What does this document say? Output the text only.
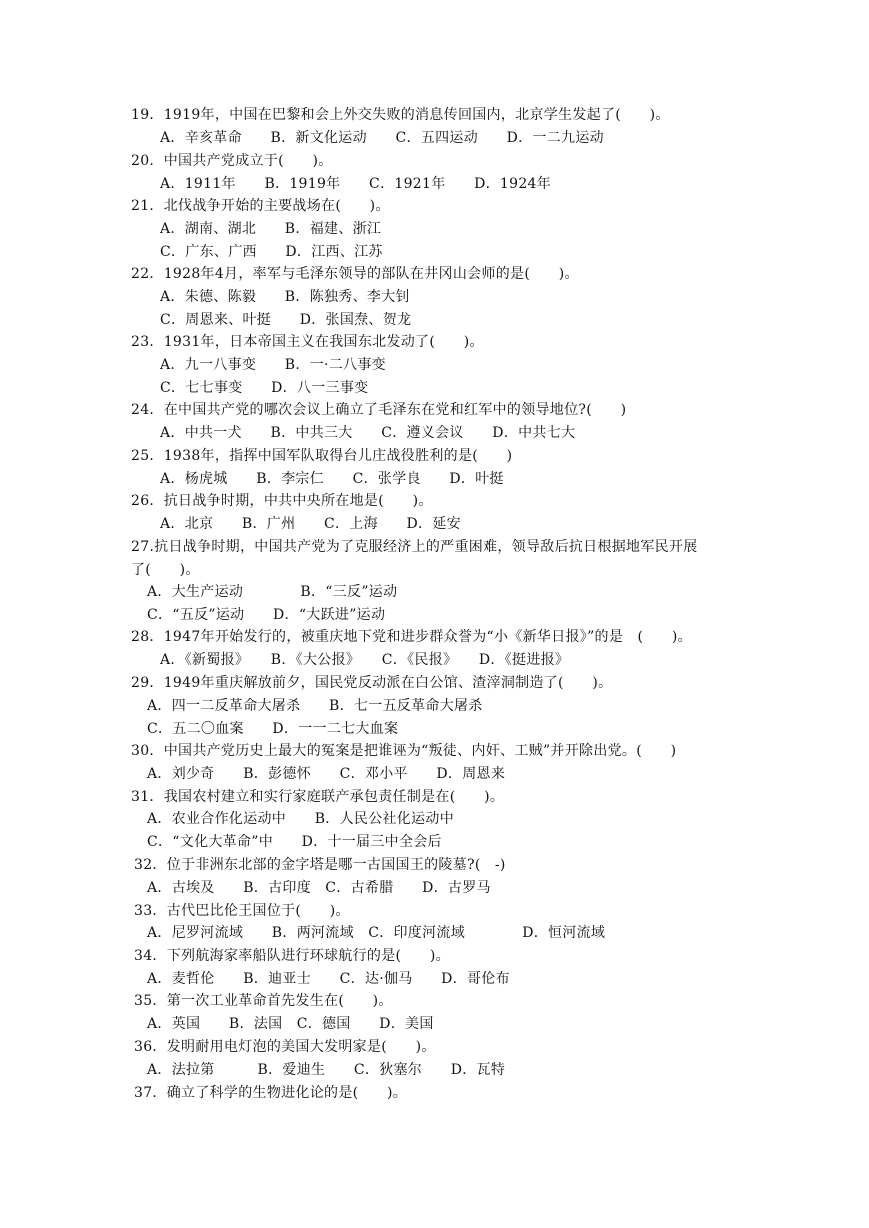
19．1919年，中国在巴黎和会上外交失败的消息传回国内，北京学生发起了(　　)。
A．辛亥革命　　B．新文化运动　　C．五四运动　　D．一二九运动
20．中国共产党成立于(　　)。
A．1911年　　B．1919年　　C．1921年　　D．1924年
21．北伐战争开始的主要战场在(　　)。
A．湖南、湖北　　B．福建、浙江
C．广东、广西　　D．江西、江苏
22．1928年4月，率军与毛泽东领导的部队在井冈山会师的是(　　)。
A．朱德、陈毅　　B．陈独秀、李大钊
C．周恩来、叶挺　　D．张国焘、贺龙
23．1931年，日本帝国主义在我国东北发动了(　　)。
A．九一八事变　　B．一·二八事变
C．七七事变　　D．八一三事变
24．在中国共产党的哪次会议上确立了毛泽东在党和红军中的领导地位?(　　)
A．中共一犬　　B．中共三大　　C．遵义会议　　D．中共七大
25．1938年，指挥中国军队取得台儿庄战役胜利的是(　　)
A．杨虎城　　B．李宗仁　　C．张学良　　D．叶挺
26．抗日战争时期，中共中央所在地是(　　)。
A．北京　　B．广州　　C．上海　　D．延安
27.抗日战争时期，中国共产党为了克服经济上的严重困难，领导敌后抗日根据地军民开展
了(　　)。
A．大生产运动　　　　B．“三反”运动
C．“五反”运动　　D．“大跃进”运动
28．1947年开始发行的，被重庆地下党和进步群众誉为“小《新华日报》”的是　(　　)。
A．《新蜀报》　　B．《大公报》　　C．《民报》　　D．《挺进报》
29．1949年重庆解放前夕，国民党反动派在白公馆、渣滓洞制造了(　　)。
A．四一二反革命大屠杀　　B．七一五反革命大屠杀
C．五二〇血案　　D．一一二七大血案
30．中国共产党历史上最大的冤案是把谁诬为“叛徒、内奸、工贼”并开除出党。(　　)
A．刘少奇　　B．彭德怀　　C．邓小平　　D．周恩来
31．我国农村建立和实行家庭联产承包责任制是在(　　)。
A．农业合作化运动中　　B．人民公社化运动中
C．“文化大革命”中　　D．十一届三中全会后
32．位于非洲东北部的金字塔是哪一古国国王的陵墓?(　-)
A．古埃及　　B．古印度　C．古希腊　　D．古罗马
33．古代巴比伦王国位于(　　)。
A．尼罗河流域　　B．两河流域　C．印度河流域　　　　D．恒河流域
34．下列航海家率船队进行环球航行的是(　　)。
A．麦哲伦　　B．迪亚士　　C．达·伽马　　D．哥伦布
35．第一次工业革命首先发生在(　　)。
A．英国　　B．法国　C．德国　　D．美国
36．发明耐用电灯泡的美国大发明家是(　　)。
A．法拉第　　　B．爱迪生　　C．狄塞尔　　D．瓦特
37．确立了科学的生物进化论的是(　　)。
